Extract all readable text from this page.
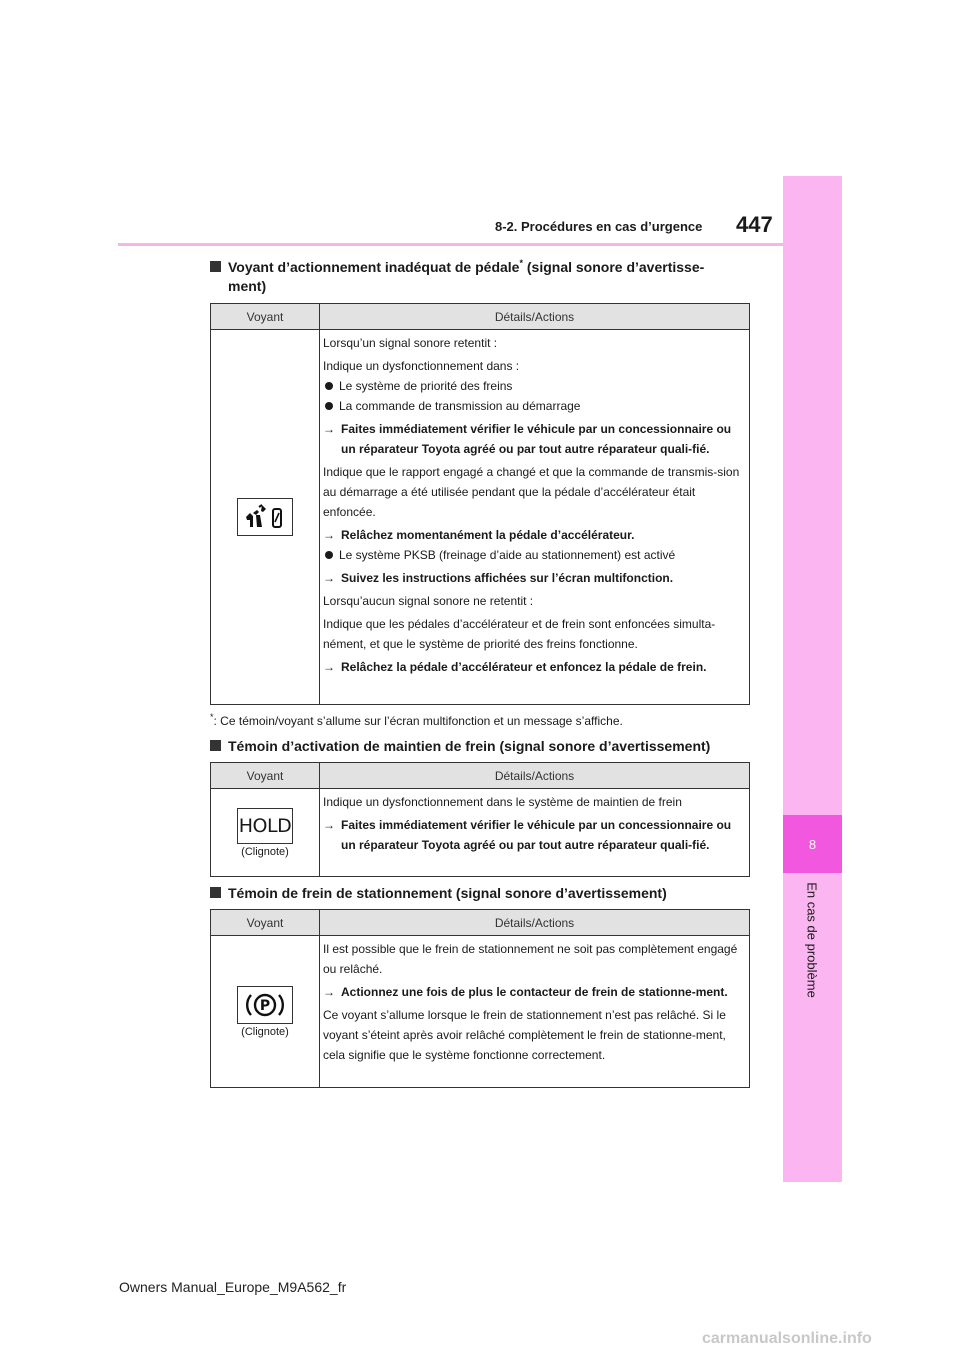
8-2. Procédures en cas d’urgence 447
8
En cas de problème
Voyant d’actionnement inadéquat de pédale* (signal sonore d’avertisse-
ment)
Voyant	Détails/Actions

Lorsqu’un signal sonore retentit :

Indique un dysfonctionnement dans :

Le système de priorité des freins
La commande de transmission au démarrage
→ Faites immédiatement vérifier le véhicule par un concessionnaire ou un réparateur Toyota agréé ou par tout autre réparateur quali-fié.

Indique que le rapport engagé a changé et que la commande de transmis-sion au démarrage a été utilisée pendant que la pédale d’accélérateur était enfoncée.

→ Relâchez momentanément la pédale d’accélérateur.
Le système PKSB (freinage d’aide au stationnement) est activé
→ Suivez les instructions affichées sur l’écran multifonction.

Lorsqu’aucun signal sonore ne retentit :

Indique que les pédales d’accélérateur et de frein sont enfoncées simulta-nément, et que le système de priorité des freins fonctionne.

→ Relâchez la pédale d’accélérateur et enfoncez la pédale de frein.
*: Ce témoin/voyant s’allume sur l’écran multifonction et un message s’affiche.
Témoin d’activation de maintien de frein (signal sonore d’avertissement)
Voyant	Détails/Actions
HOLD
(Clignote)

Indique un dysfonctionnement dans le système de maintien de frein

→ Faites immédiatement vérifier le véhicule par un concessionnaire ou un réparateur Toyota agréé ou par tout autre réparateur quali-fié.
Témoin de frein de stationnement (signal sonore d’avertissement)
Voyant	Détails/Actions
P
(Clignote)

Il est possible que le frein de stationnement ne soit pas complètement engagé ou relâché.

→ Actionnez une fois de plus le contacteur de frein de stationne-ment.

Ce voyant s’allume lorsque le frein de stationnement n’est pas relâché. Si le voyant s’éteint après avoir relâché complètement le frein de stationne-ment, cela signifie que le système fonctionne correctement.

Owners Manual_Europe_M9A562_fr
carmanualsonline.info
